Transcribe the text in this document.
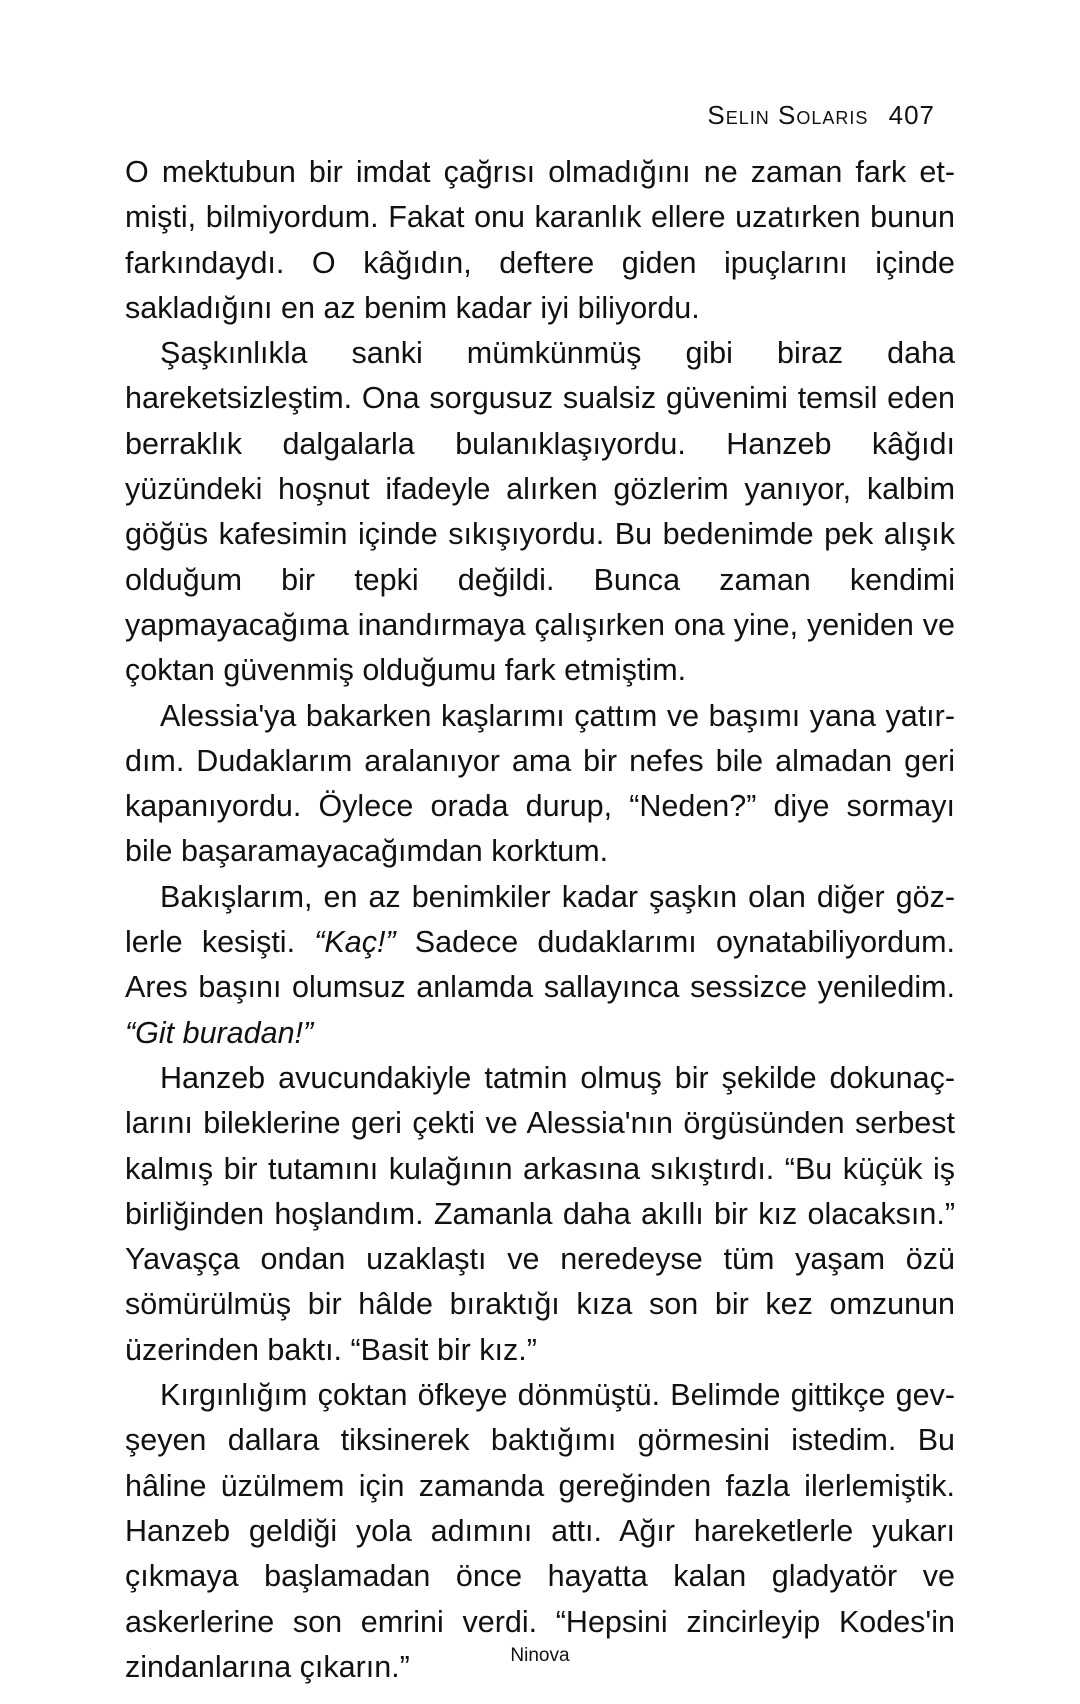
Selin Solaris 407

O mektubun bir imdat çağrısı olmadığını ne zaman fark etmişti, bilmiyordum. Fakat onu karanlık ellere uzatırken bunun farkındaydı. O kâğıdın, deftere giden ipuçlarını içinde sakladığını en az benim kadar iyi biliyordu.

Şaşkınlıkla sanki mümkünmüş gibi biraz daha hareketsizleştim. Ona sorgusuz sualsiz güvenimi temsil eden berraklık dalgalarla bulanıklaşıyordu. Hanzeb kâğıdı yüzündeki hoşnut ifadeyle alırken gözlerim yanıyor, kalbim göğüs kafesimin içinde sıkışıyordu. Bu bedenimde pek alışık olduğum bir tepki değildi. Bunca zaman kendimi yapmayacağıma inandırmaya çalışırken ona yine, yeniden ve çoktan güvenmiş olduğumu fark etmiştim.

Alessia'ya bakarken kaşlarımı çattım ve başımı yana yatırdım. Dudaklarım aralanıyor ama bir nefes bile almadan geri kapanıyordu. Öylece orada durup, “Neden?” diye sormayı bile başaramayacağımdan korktum.

Bakışlarım, en az benimkiler kadar şaşkın olan diğer gözlerle kesişti. “Kaç!” Sadece dudaklarımı oynatabiliyordum. Ares başını olumsuz anlamda sallayınca sessizce yeniledim. “Git buradan!”

Hanzeb avucundakiyle tatmin olmuş bir şekilde dokunaçlarını bileklerine geri çekti ve Alessia'nın örgüsünden serbest kalmış bir tutamını kulağının arkasına sıkıştırdı. “Bu küçük iş birliğinden hoşlandım. Zamanla daha akıllı bir kız olacaksın.” Yavaşça ondan uzaklaştı ve neredeyse tüm yaşam özü sömürülmüş bir hâlde bıraktığı kıza son bir kez omzunun üzerinden baktı. “Basit bir kız.”

Kırgınlığım çoktan öfkeye dönmüştü. Belimde gittikçe gevşeyen dallara tiksinerek baktığımı görmesini istedim. Bu hâline üzülmem için zamanda gereğinden fazla ilerlemiştik. Hanzeb geldiği yola adımını attı. Ağır hareketlerle yukarı çıkmaya başlamadan önce hayatta kalan gladyatör ve askerlerine son emrini verdi. “Hepsini zincirleyip Kodes'in zindanlarına çıkarın.”	Ninova
